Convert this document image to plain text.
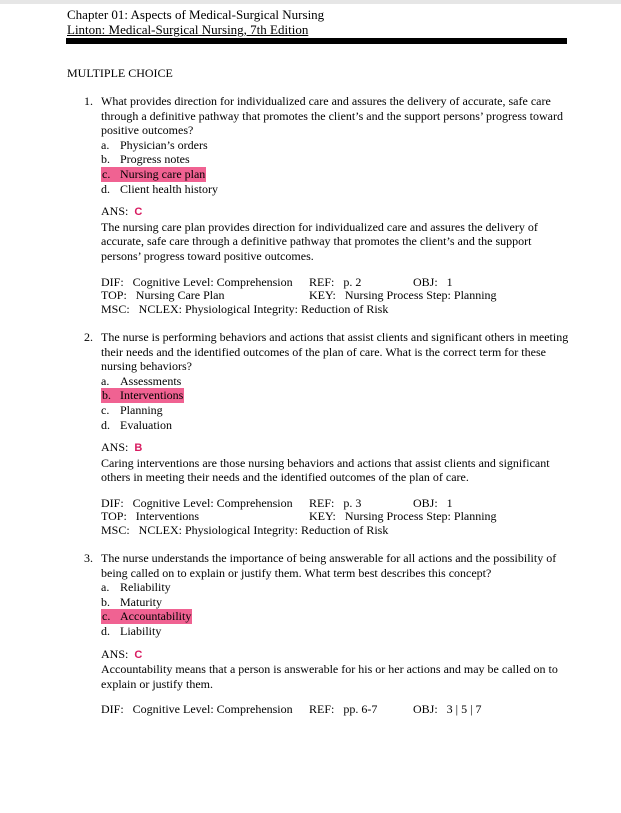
Chapter 01: Aspects of Medical-Surgical Nursing
Linton: Medical-Surgical Nursing, 7th Edition
MULTIPLE CHOICE
1. What provides direction for individualized care and assures the delivery of accurate, safe care through a definitive pathway that promotes the client’s and the support persons’ progress toward positive outcomes?
a. Physician’s orders
b. Progress notes
c. Nursing care plan
d. Client health history
ANS: C
The nursing care plan provides direction for individualized care and assures the delivery of accurate, safe care through a definitive pathway that promotes the client’s and the support persons’ progress toward positive outcomes.
DIF:   Cognitive Level: Comprehension	REF:   p. 2	OBJ:   1
TOP:   Nursing Care Plan	KEY:   Nursing Process Step: Planning
MSC:   NCLEX: Physiological Integrity: Reduction of Risk
2. The nurse is performing behaviors and actions that assist clients and significant others in meeting their needs and the identified outcomes of the plan of care. What is the correct term for these nursing behaviors?
a. Assessments
b. Interventions
c. Planning
d. Evaluation
ANS: B
Caring interventions are those nursing behaviors and actions that assist clients and significant others in meeting their needs and the identified outcomes of the plan of care.
DIF:   Cognitive Level: Comprehension	REF:   p. 3	OBJ:   1
TOP:   Interventions	KEY:   Nursing Process Step: Planning
MSC:   NCLEX: Physiological Integrity: Reduction of Risk
3. The nurse understands the importance of being answerable for all actions and the possibility of being called on to explain or justify them. What term best describes this concept?
a. Reliability
b. Maturity
c. Accountability
d. Liability
ANS: C
Accountability means that a person is answerable for his or her actions and may be called on to explain or justify them.
DIF:   Cognitive Level: Comprehension	REF:   pp. 6-7	OBJ:   3 | 5 | 7
